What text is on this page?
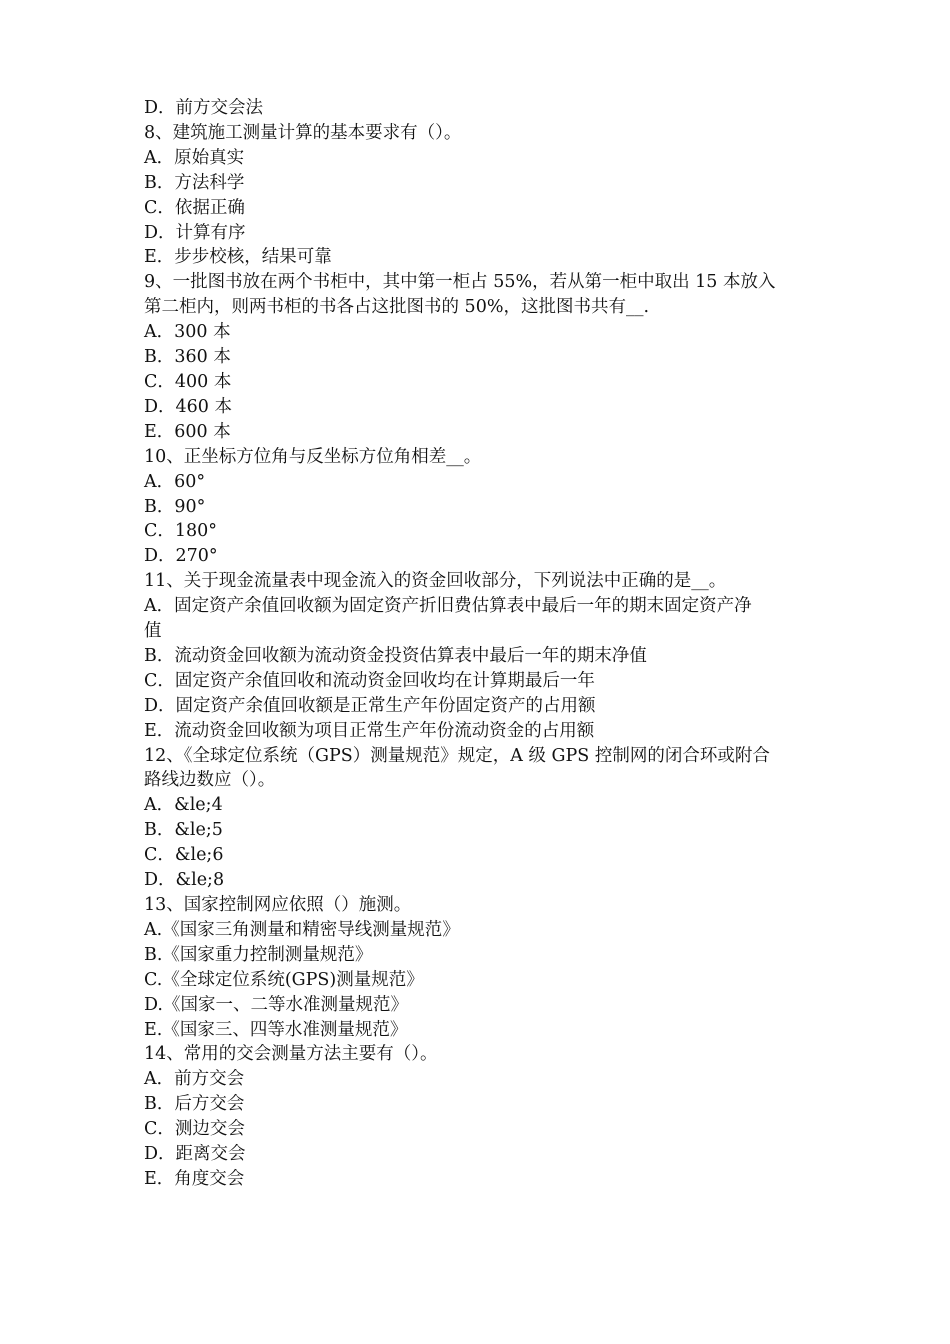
D．前方交会法

8、建筑施工测量计算的基本要求有（）。

A．原始真实

B．方法科学

C．依据正确

D．计算有序

E．步步校核，结果可靠

9、一批图书放在两个书柜中，其中第一柜占 55%，若从第一柜中取出 15 本放入

第二柜内，则两书柜的书各占这批图书的 50%，这批图书共有__.

A．300 本

B．360 本

C．400 本

D．460 本

E．600 本

10、正坐标方位角与反坐标方位角相差__。

A．60°

B．90°

C．180°

D．270°

11、关于现金流量表中现金流入的资金回收部分，下列说法中正确的是__。

A．固定资产余值回收额为固定资产折旧费估算表中最后一年的期末固定资产净

值

B．流动资金回收额为流动资金投资估算表中最后一年的期末净值

C．固定资产余值回收和流动资金回收均在计算期最后一年

D．固定资产余值回收额是正常生产年份固定资产的占用额

E．流动资金回收额为项目正常生产年份流动资金的占用额

12、《全球定位系统（GPS）测量规范》规定，A 级 GPS 控制网的闭合环或附合

路线边数应（）。

A．&le;4

B．&le;5

C．&le;6

D．&le;8

13、国家控制网应依照（）施测。

A.《国家三角测量和精密导线测量规范》

B.《国家重力控制测量规范》

C.《全球定位系统(GPS)测量规范》

D.《国家一、二等水准测量规范》

E.《国家三、四等水准测量规范》

14、常用的交会测量方法主要有（）。

A．前方交会

B．后方交会

C．测边交会

D．距离交会

E．角度交会
